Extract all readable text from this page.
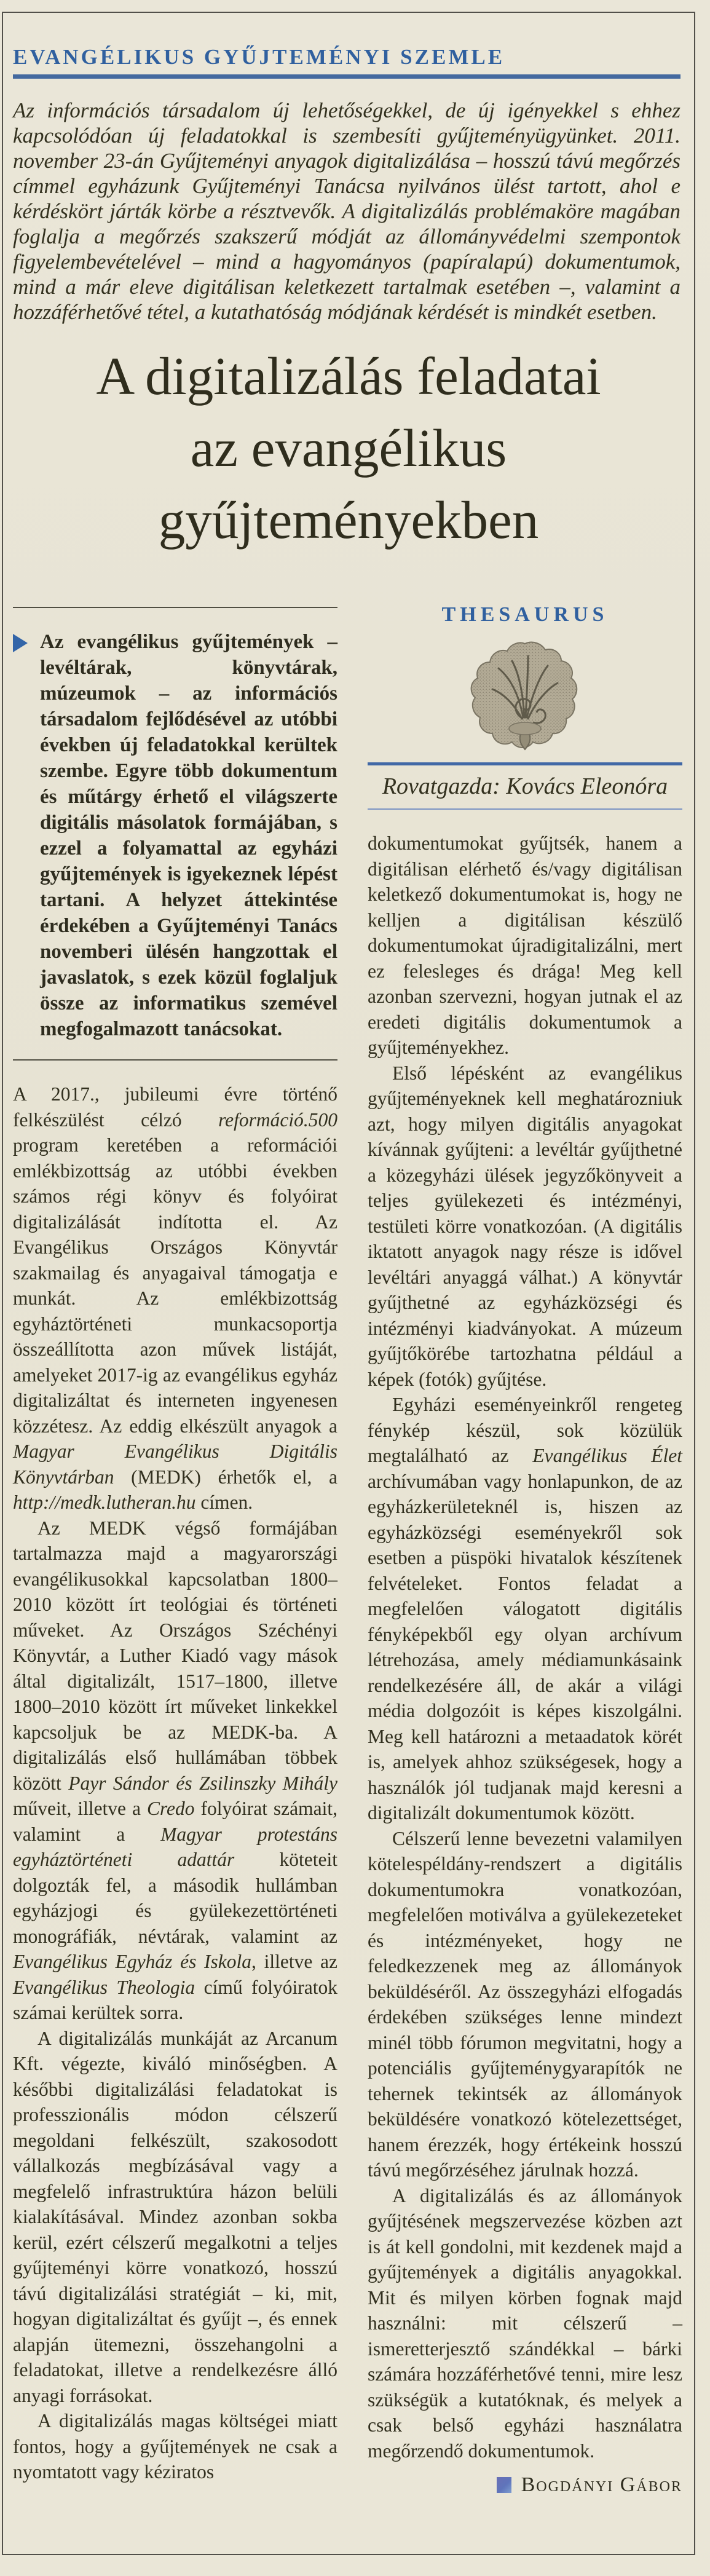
EVANGÉLIKUS GYŰJTEMÉNYI SZEMLE

Az információs társadalom új lehetőségekkel, de új igényekkel s ehhez kapcsolódóan új feladatokkal is szembesíti gyűjteményügyünket. 2011. november 23-án Gyűjteményi anyagok digitalizálása – hosszú távú megőrzés címmel egyházunk Gyűjteményi Tanácsa nyilvános ülést tartott, ahol e kérdéskört járták körbe a résztvevők. A digitalizálás problémaköre magában foglalja a megőrzés szakszerű módját az állományvédelmi szempontok figyelembevételével – mind a hagyományos (papíralapú) dokumentumok, mind a már eleve digitálisan keletkezett tartalmak esetében –, valamint a hozzáférhetővé tétel, a kutathatóság módjának kérdését is mindkét esetben.

A digitalizálás feladatai
az evangélikus
gyűjteményekben

Az evangélikus gyűjtemények – levéltárak, könyvtárak, múzeumok – az információs társadalom fejlődésével az utóbbi években új feladatokkal kerültek szembe. Egyre több dokumentum és műtárgy érhető el világszerte digitális másolatok formájában, s ezzel a folyamattal az egyházi gyűjtemények is igyekeznek lépést tartani. A helyzet áttekintése érdekében a Gyűjteményi Tanács novemberi ülésén hangzottak el javaslatok, s ezek közül foglaljuk össze az informatikus szemével megfogalmazott tanácsokat.

A 2017., jubileumi évre történő felkészülést célzó reformáció.500 program keretében a reformációi emlékbizottság az utóbbi években számos régi könyv és folyóirat digitalizálását indította el. Az Evangélikus Országos Könyvtár szakmailag és anyagaival támogatja e munkát. Az emlékbizottság egyháztörténeti munkacsoportja összeállította azon művek listáját, amelyeket 2017-ig az evangélikus egyház digitalizáltat és interneten ingyenesen közzétesz. Az eddig elkészült anyagok a Magyar Evangélikus Digitális Könyvtárban (MEDK) érhetők el, a http://medk.lutheran.hu címen.

Az MEDK végső formájában tartalmazza majd a magyarországi evangélikusokkal kapcsolatban 1800–2010 között írt teológiai és történeti műveket. Az Országos Széchényi Könyvtár, a Luther Kiadó vagy mások által digitalizált, 1517–1800, illetve 1800–2010 között írt műveket linkekkel kapcsoljuk be az MEDK-ba. A digitalizálás első hullámában többek között Payr Sándor és Zsilinszky Mihály műveit, illetve a Credo folyóirat számait, valamint a Magyar protestáns egyháztörténeti adattár köteteit dolgozták fel, a második hullámban egyházjogi és gyülekezettörténeti monográfiák, névtárak, valamint az Evangélikus Egyház és Iskola, illetve az Evangélikus Theologia című folyóiratok számai kerültek sorra.

A digitalizálás munkáját az Arcanum Kft. végezte, kiváló minőségben. A későbbi digitalizálási feladatokat is professzionális módon célszerű megoldani felkészült, szakosodott vállalkozás megbízásával vagy a megfelelő infrastruktúra házon belüli kialakításával. Mindez azonban sokba kerül, ezért célszerű megalkotni a teljes gyűjteményi körre vonatkozó, hosszú távú digitalizálási stratégiát – ki, mit, hogyan digitalizáltat és gyűjt –, és ennek alapján ütemezni, összehangolni a feladatokat, illetve a rendelkezésre álló anyagi forrásokat.

A digitalizálás magas költségei miatt fontos, hogy a gyűjtemények ne csak a nyomtatott vagy kéziratos

THESAURUS
Rovatgazda: Kovács Eleonóra

dokumentumokat gyűjtsék, hanem a digitálisan elérhető és/vagy digitálisan keletkező dokumentumokat is, hogy ne kelljen a digitálisan készülő dokumentumokat újradigitalizálni, mert ez felesleges és drága! Meg kell azonban szervezni, hogyan jutnak el az eredeti digitális dokumentumok a gyűjteményekhez.

Első lépésként az evangélikus gyűjteményeknek kell meghatározniuk azt, hogy milyen digitális anyagokat kívánnak gyűjteni: a levéltár gyűjthetné a közegyházi ülések jegyzőkönyveit a teljes gyülekezeti és intézményi, testületi körre vonatkozóan. (A digitális iktatott anyagok nagy része is idővel levéltári anyaggá válhat.) A könyvtár gyűjthetné az egyházközségi és intézményi kiadványokat. A múzeum gyűjtőkörébe tartozhatna például a képek (fotók) gyűjtése.

Egyházi eseményeinkről rengeteg fénykép készül, sok közülük megtalálható az Evangélikus Élet archívumában vagy honlapunkon, de az egyházkerületeknél is, hiszen az egyházközségi eseményekről sok esetben a püspöki hivatalok készítenek felvételeket. Fontos feladat a megfelelően válogatott digitális fényképekből egy olyan archívum létrehozása, amely médiamunkásaink rendelkezésére áll, de akár a világi média dolgozóit is képes kiszolgálni. Meg kell határozni a metaadatok körét is, amelyek ahhoz szükségesek, hogy a használók jól tudjanak majd keresni a digitalizált dokumentumok között.

Célszerű lenne bevezetni valamilyen kötelespéldány-rendszert a digitális dokumentumokra vonatkozóan, megfelelően motiválva a gyülekezeteket és intézményeket, hogy ne feledkezzenek meg az állományok beküldéséről. Az összegyházi elfogadás érdekében szükséges lenne mindezt minél több fórumon megvitatni, hogy a potenciális gyűjteménygyarapítók ne tehernek tekintsék az állományok beküldésére vonatkozó kötelezettséget, hanem érezzék, hogy értékeink hosszú távú megőrzéséhez járulnak hozzá.

A digitalizálás és az állományok gyűjtésének megszervezése közben azt is át kell gondolni, mit kezdenek majd a gyűjtemények a digitális anyagokkal. Mit és milyen körben fognak majd használni: mit célszerű – ismeretterjesztő szándékkal – bárki számára hozzáférhetővé tenni, mire lesz szükségük a kutatóknak, és melyek a csak belső egyházi használatra megőrzendő dokumentumok.

Bogdányi Gábor
